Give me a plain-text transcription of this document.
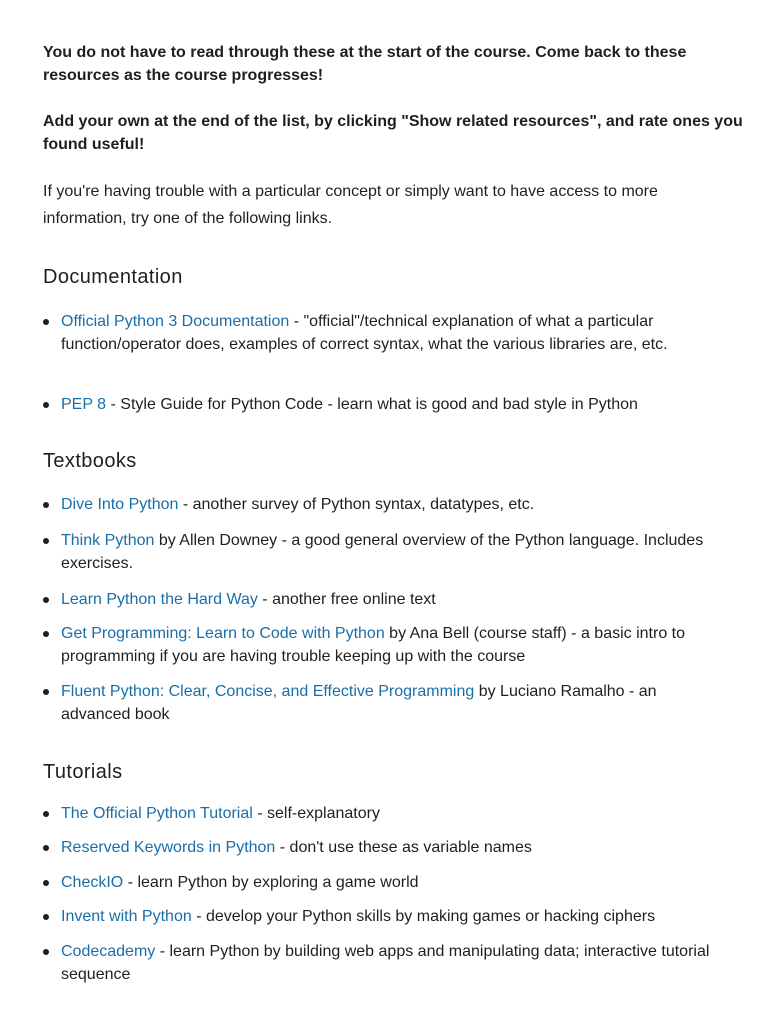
You do not have to read through these at the start of the course. Come back to these resources as the course progresses!

Add your own at the end of the list, by clicking "Show related resources", and rate ones you found useful!

If you're having trouble with a particular concept or simply want to have access to more information, try one of the following links.

Documentation
Official Python 3 Documentation - "official"/technical explanation of what a particular function/operator does, examples of correct syntax, what the various libraries are, etc.
PEP 8 - Style Guide for Python Code - learn what is good and bad style in Python
Textbooks
Dive Into Python - another survey of Python syntax, datatypes, etc.
Think Python by Allen Downey - a good general overview of the Python language. Includes exercises.
Learn Python the Hard Way - another free online text
Get Programming: Learn to Code with Python by Ana Bell (course staff) - a basic intro to programming if you are having trouble keeping up with the course
Fluent Python: Clear, Concise, and Effective Programming by Luciano Ramalho - an advanced book
Tutorials
The Official Python Tutorial - self-explanatory
Reserved Keywords in Python - don't use these as variable names
CheckIO - learn Python by exploring a game world
Invent with Python - develop your Python skills by making games or hacking ciphers
Codecademy - learn Python by building web apps and manipulating data; interactive tutorial sequence
